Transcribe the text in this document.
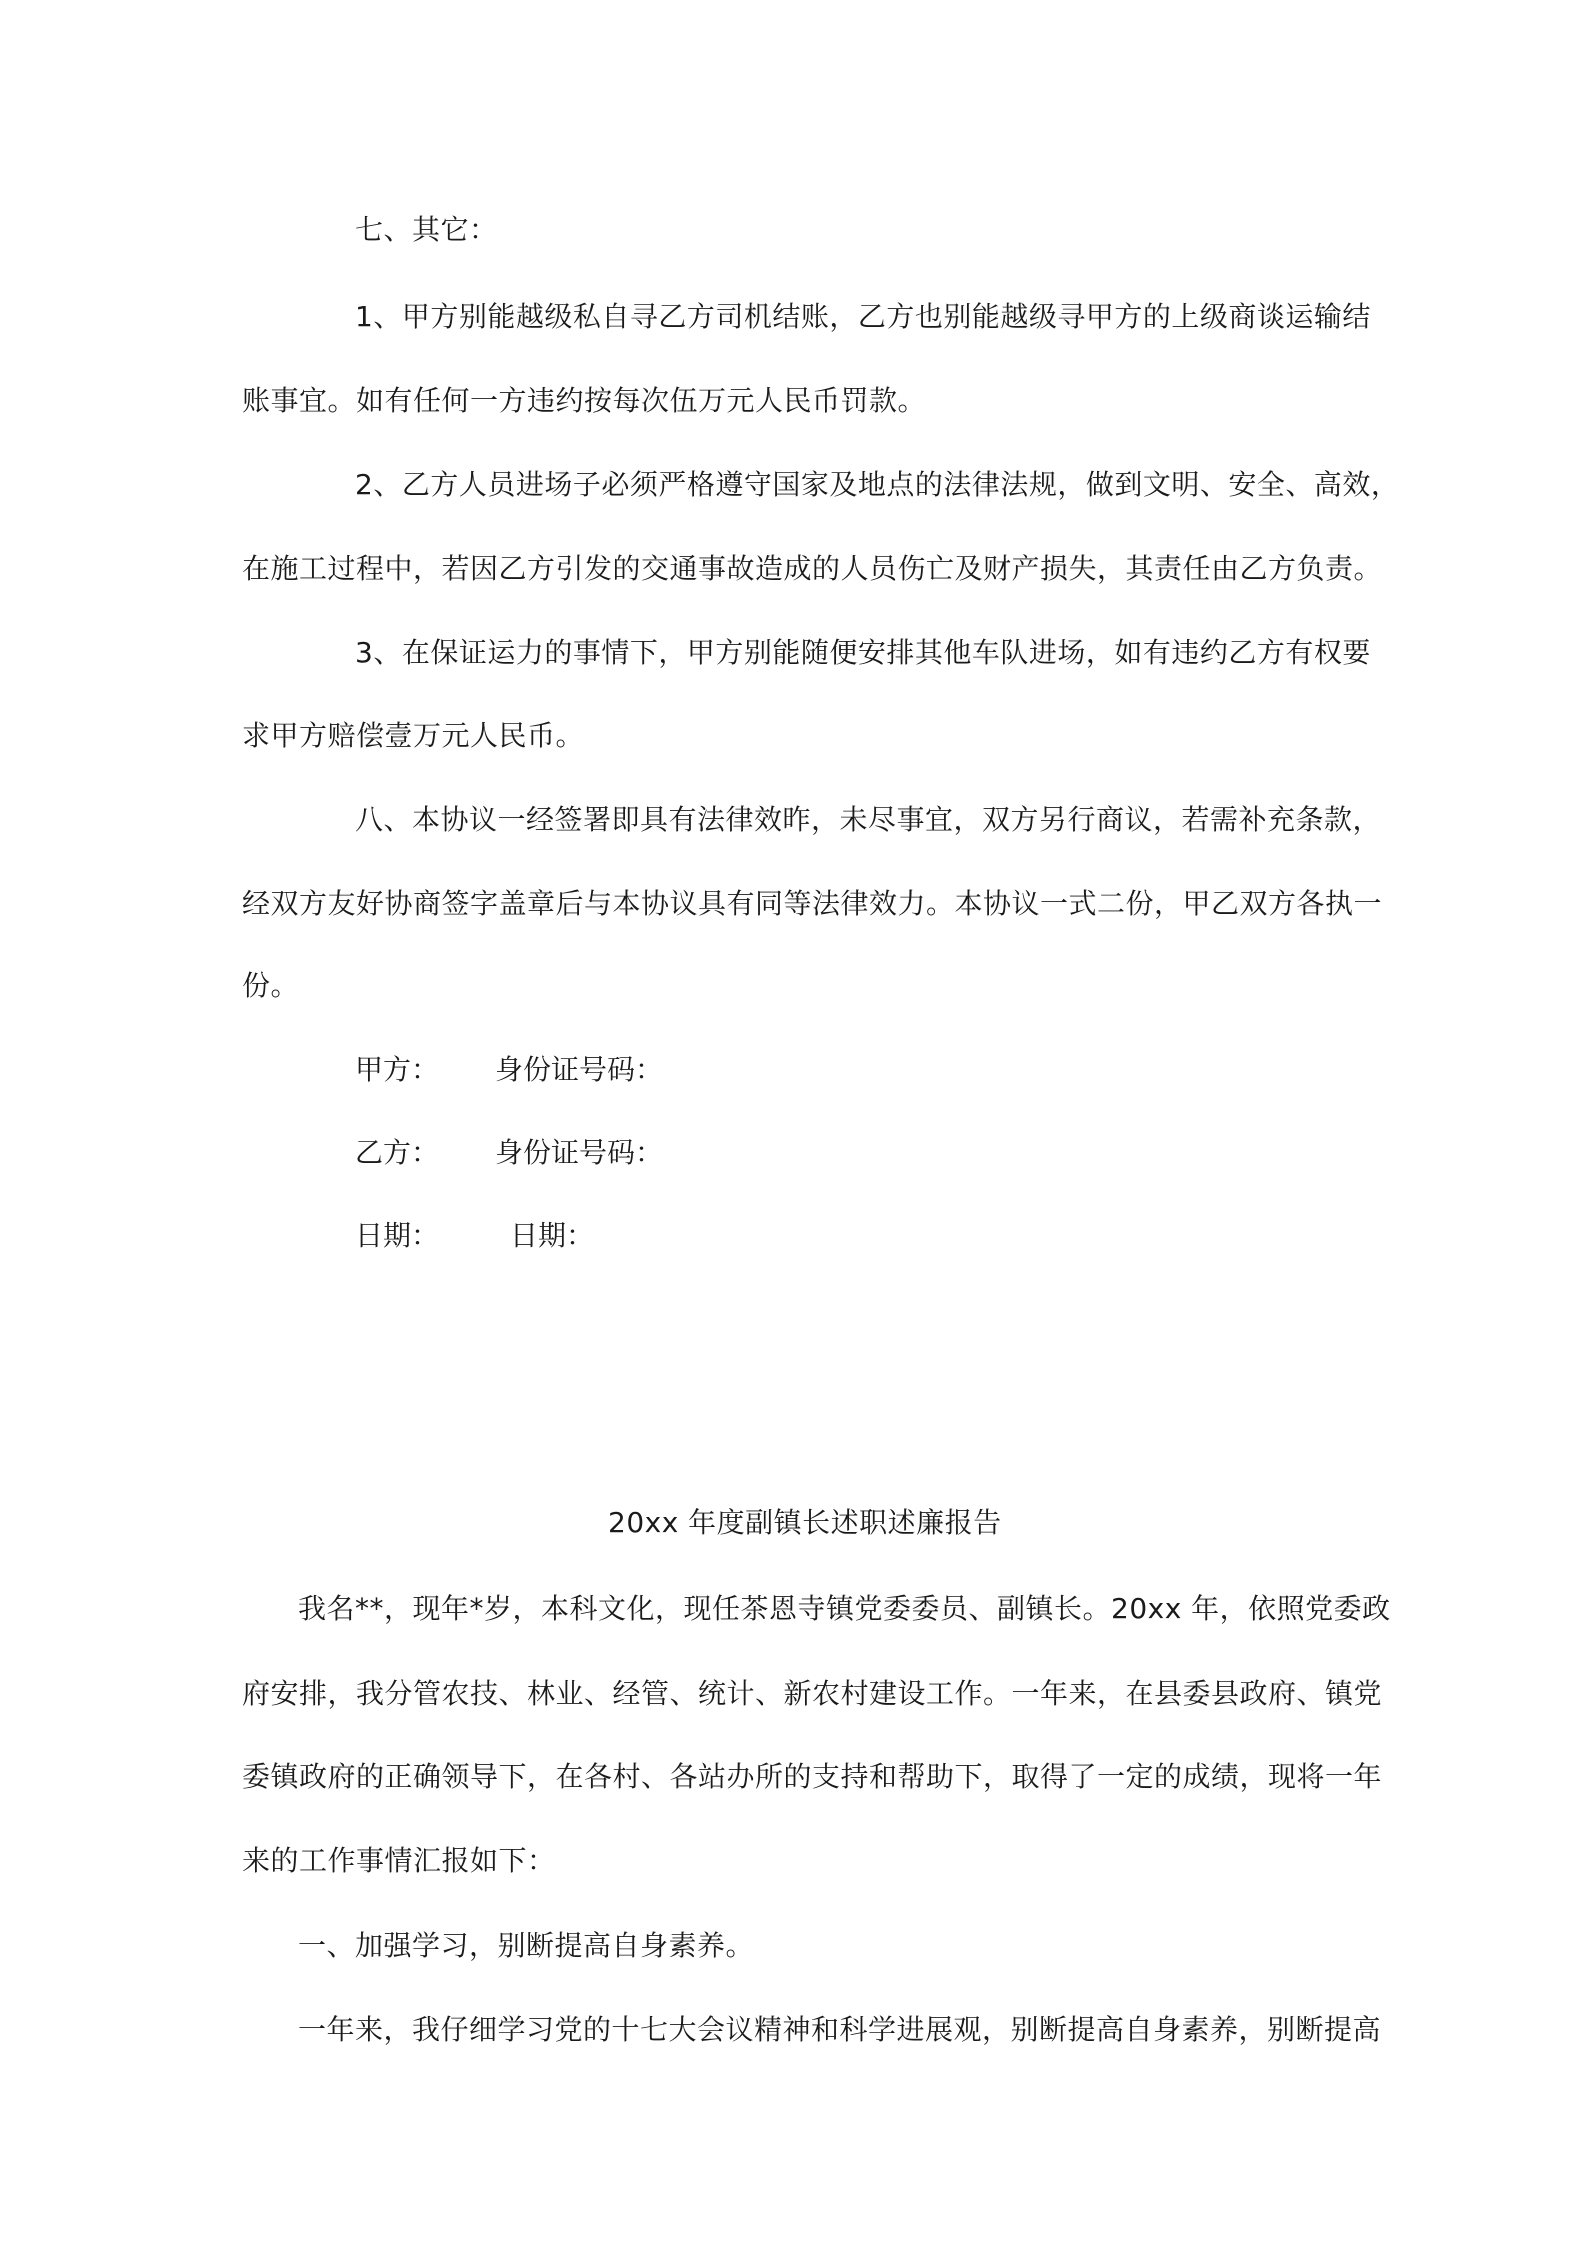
七、其它：
1、甲方别能越级私自寻乙方司机结账，乙方也别能越级寻甲方的上级商谈运输结
账事宜。如有任何一方违约按每次伍万元人民币罚款。
2、乙方人员进场子必须严格遵守国家及地点的法律法规，做到文明、安全、高效，
在施工过程中，若因乙方引发的交通事故造成的人员伤亡及财产损失，其责任由乙方负责。
3、在保证运力的事情下，甲方别能随便安排其他车队进场，如有违约乙方有权要
求甲方赔偿壹万元人民币。
八、本协议一经签署即具有法律效昨，未尽事宜，双方另行商议，若需补充条款，
经双方友好协商签字盖章后与本协议具有同等法律效力。本协议一式二份，甲乙双方各执一
份。
甲方： 身份证号码：
乙方： 身份证号码：
日期：	日期：
20xx 年度副镇长述职述廉报告
我名**，现年*岁，本科文化，现任茶恩寺镇党委委员、副镇长。20xx 年，依照党委政
府安排，我分管农技、林业、经管、统计、新农村建设工作。一年来，在县委县政府、镇党
委镇政府的正确领导下，在各村、各站办所的支持和帮助下，取得了一定的成绩，现将一年
来的工作事情汇报如下：
一、加强学习，别断提高自身素养。
一年来，我仔细学习党的十七大会议精神和科学进展观，别断提高自身素养，别断提高
